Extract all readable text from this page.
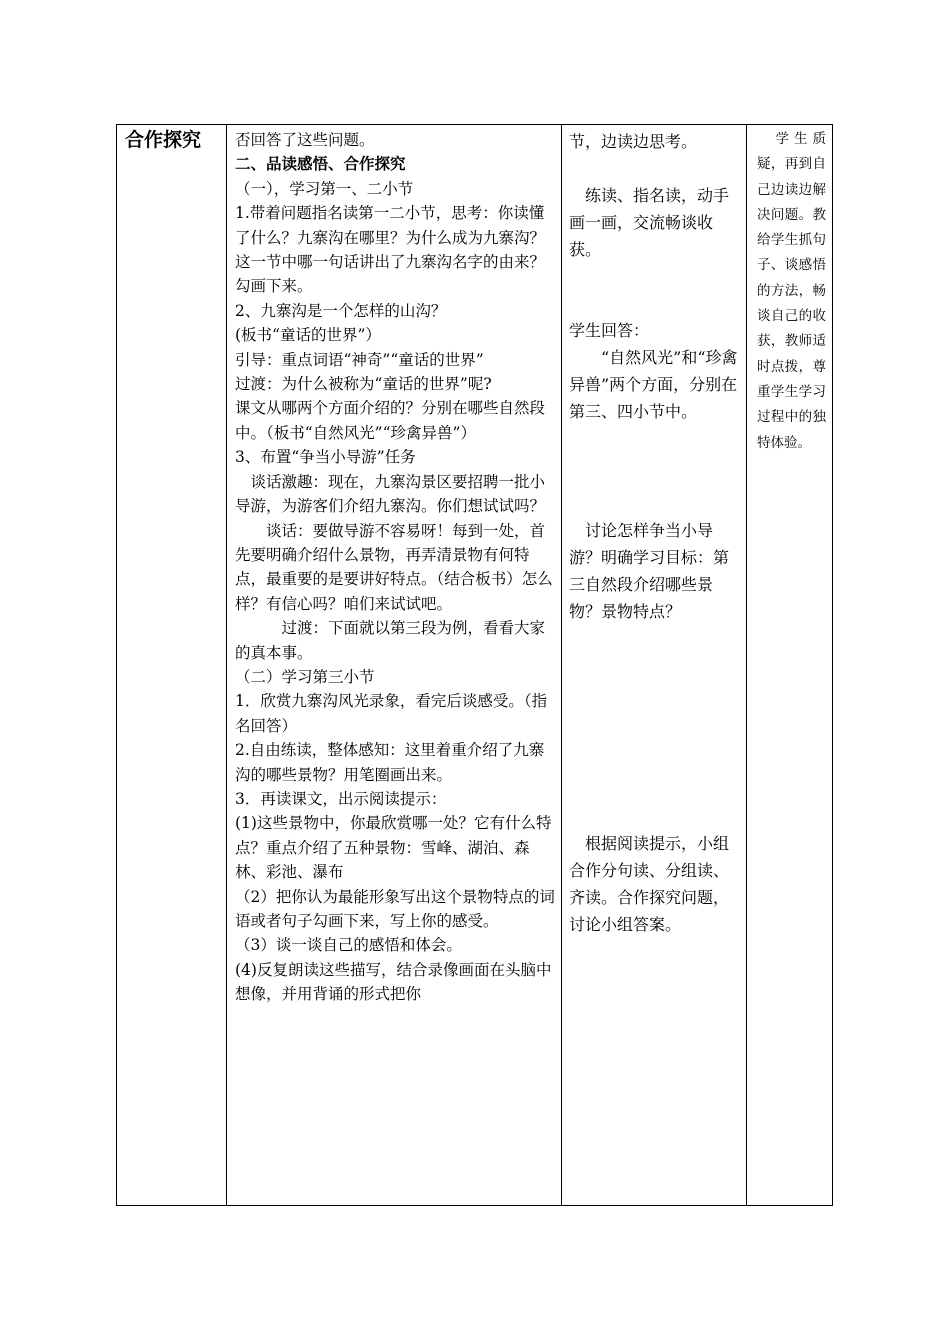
合作探究	否回答了这些问题。

二、品读感悟、合作探究

（一），学习第一、二小节

1.带着问题指名读第一二小节，思考：你读懂了什么？九寨沟在哪里？为什么成为九寨沟？这一节中哪一句话讲出了九寨沟名字的由来？勾画下来。

2、九寨沟是一个怎样的山沟？

(板书“童话的世界”）

引导：重点词语“神奇”“童话的世界”

过渡：为什么被称为“童话的世界”呢?

课文从哪两个方面介绍的？分别在哪些自然段中。（板书“自然风光”“珍禽异兽”）

3、布置“争当小导游”任务

　谈话激趣：现在，九寨沟景区要招聘一批小导游，为游客们介绍九寨沟。你们想试试吗？

　　谈话：要做导游不容易呀！每到一处，首先要明确介绍什么景物，再弄清景物有何特点，最重要的是要讲好特点。（结合板书）怎么样？有信心吗？咱们来试试吧。

　　　过渡：下面就以第三段为例，看看大家的真本事。

（二）学习第三小节

1．欣赏九寨沟风光录象，看完后谈感受。（指名回答）

2.自由练读，整体感知：这里着重介绍了九寨沟的哪些景物？用笔圈画出来。

3．再读课文，出示阅读提示：

(1)这些景物中，你最欣赏哪一处？它有什么特点？重点介绍了五种景物：雪峰、湖泊、森林、彩池、瀑布

（2）把你认为最能形象写出这个景物特点的词语或者句子勾画下来，写上你的感受。

（3）谈一谈自己的感悟和体会。

(4)反复朗读这些描写，结合录像画面在头脑中想像，并用背诵的形式把你

节，边读边思考。

　练读、指名读，动手画一画，交流畅谈收获。

学生回答：

　　“自然风光”和“珍禽异兽”两个方面，分别在第三、四小节中。

　讨论怎样争当小导游？明确学习目标：第三自然段介绍哪些景物？景物特点？

　根据阅读提示，小组合作分句读、分组读、齐读。合作探究问题，讨论小组答案。

　学生质疑，再到自己边读边解决问题。教给学生抓句子、谈感悟的方法，畅谈自己的收获，教师适时点拨，尊重学生学习过程中的独特体验。
